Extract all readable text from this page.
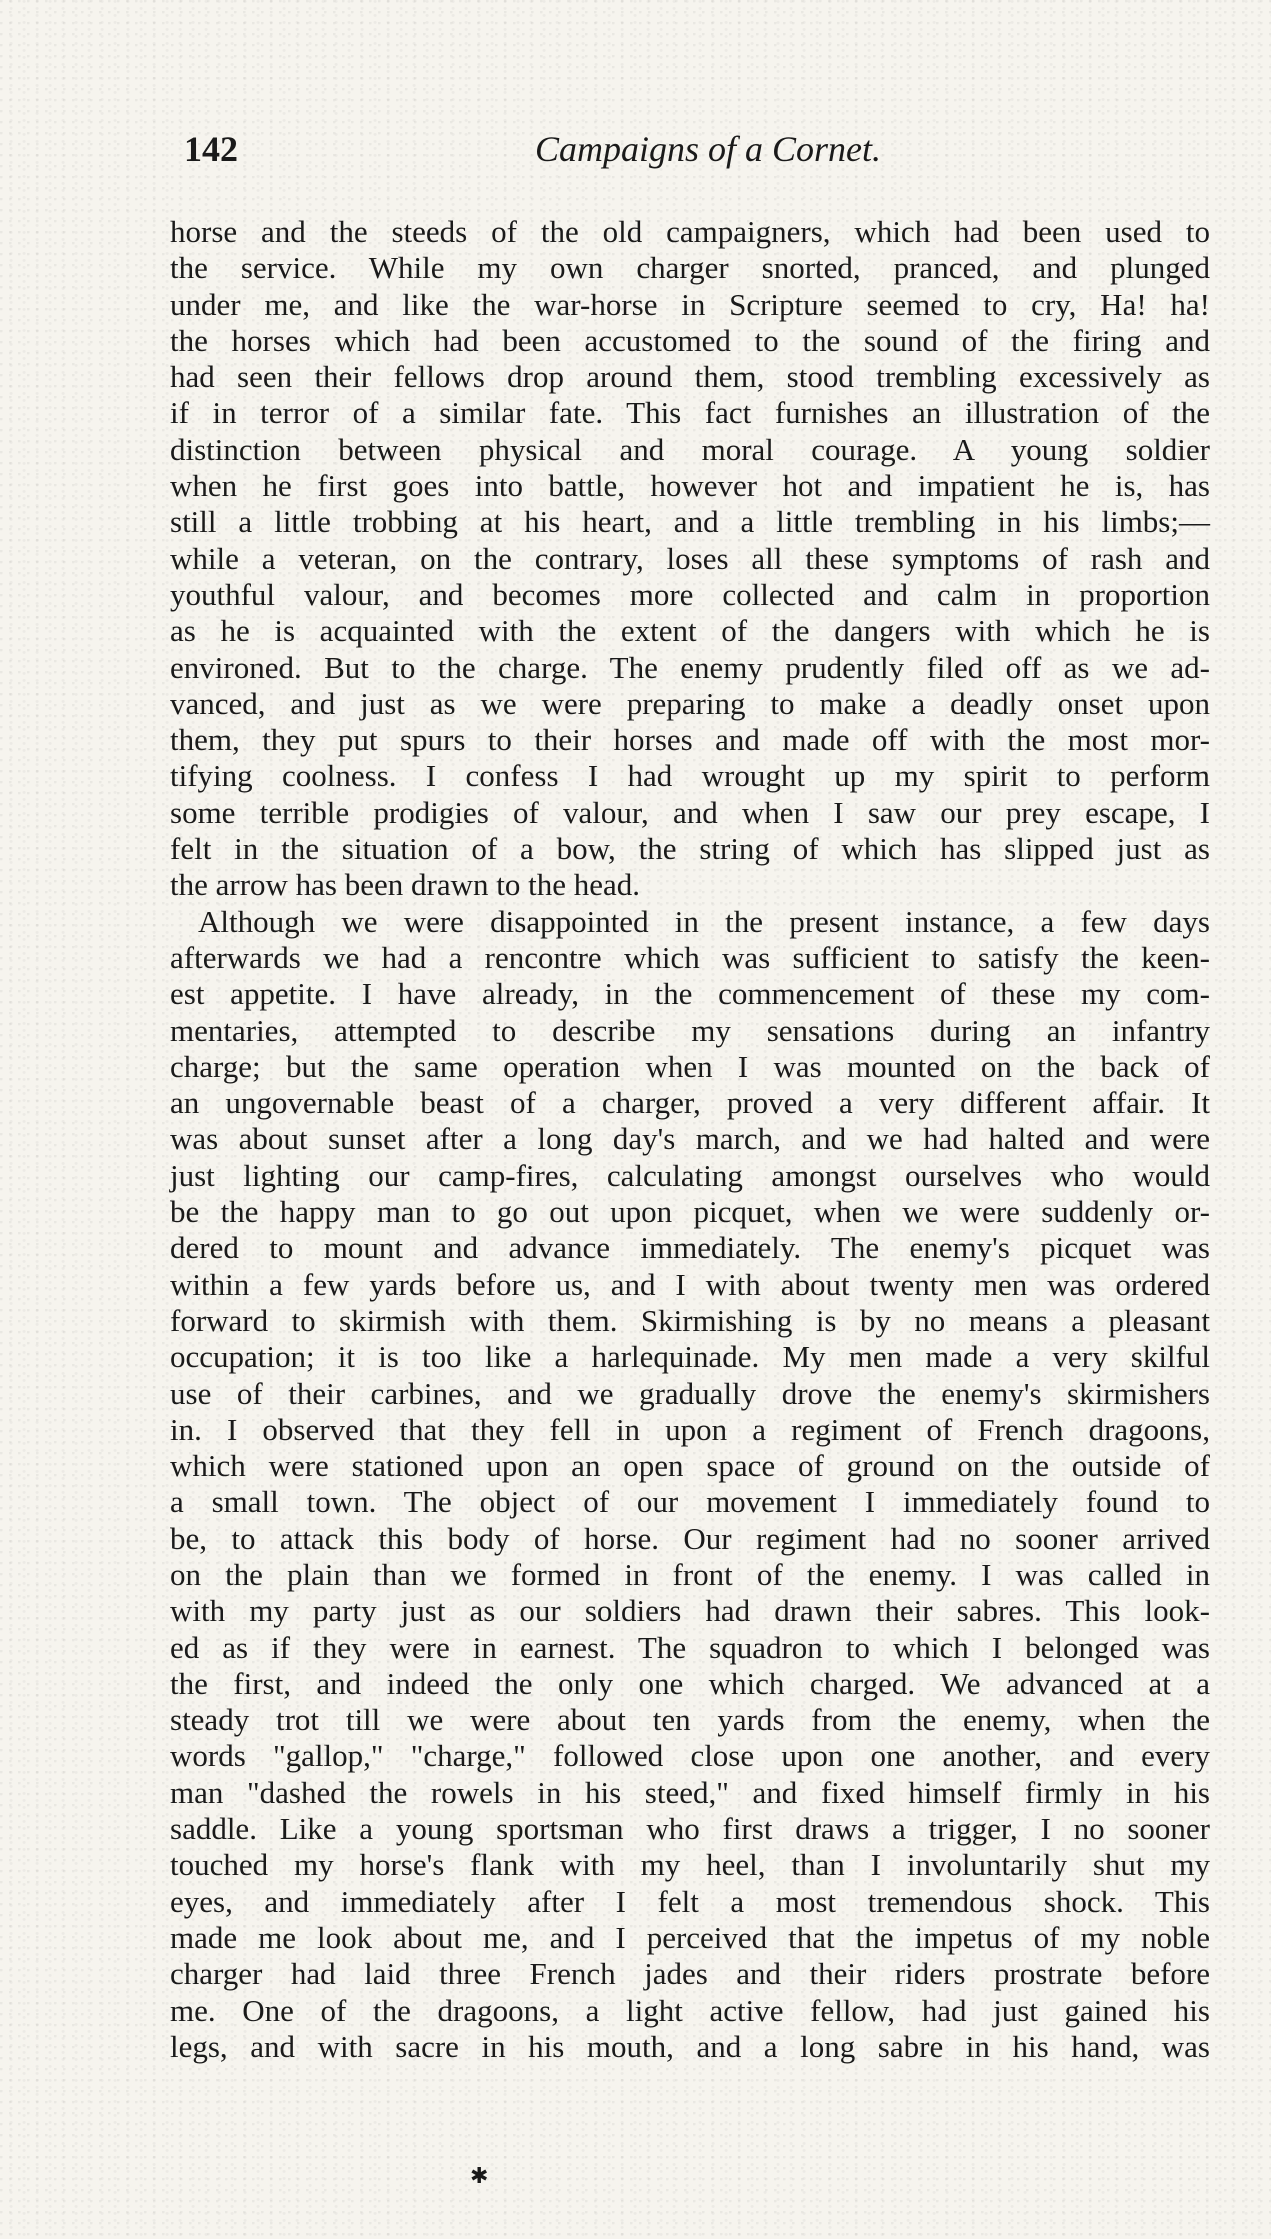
142	Campaigns of a Cornet.
horse and the steeds of the old campaigners, which had been used to
the service. While my own charger snorted, pranced, and plunged
under me, and like the war-horse in Scripture seemed to cry, Ha! ha!
the horses which had been accustomed to the sound of the firing and
had seen their fellows drop around them, stood trembling excessively as
if in terror of a similar fate. This fact furnishes an illustration of the
distinction between physical and moral courage. A young soldier
when he first goes into battle, however hot and impatient he is, has
still a little trobbing at his heart, and a little trembling in his limbs;—
while a veteran, on the contrary, loses all these symptoms of rash and
youthful valour, and becomes more collected and calm in proportion
as he is acquainted with the extent of the dangers with which he is
environed. But to the charge. The enemy prudently filed off as we ad-
vanced, and just as we were preparing to make a deadly onset upon
them, they put spurs to their horses and made off with the most mor-
tifying coolness. I confess I had wrought up my spirit to perform
some terrible prodigies of valour, and when I saw our prey escape, I
felt in the situation of a bow, the string of which has slipped just as
the arrow has been drawn to the head.
Although we were disappointed in the present instance, a few days
afterwards we had a rencontre which was sufficient to satisfy the keen-
est appetite. I have already, in the commencement of these my com-
mentaries, attempted to describe my sensations during an infantry
charge; but the same operation when I was mounted on the back of
an ungovernable beast of a charger, proved a very different affair. It
was about sunset after a long day's march, and we had halted and were
just lighting our camp-fires, calculating amongst ourselves who would
be the happy man to go out upon picquet, when we were suddenly or-
dered to mount and advance immediately. The enemy's picquet was
within a few yards before us, and I with about twenty men was ordered
forward to skirmish with them. Skirmishing is by no means a pleasant
occupation; it is too like a harlequinade. My men made a very skilful
use of their carbines, and we gradually drove the enemy's skirmishers
in. I observed that they fell in upon a regiment of French dragoons,
which were stationed upon an open space of ground on the outside of
a small town. The object of our movement I immediately found to
be, to attack this body of horse. Our regiment had no sooner arrived
on the plain than we formed in front of the enemy. I was called in
with my party just as our soldiers had drawn their sabres. This look-
ed as if they were in earnest. The squadron to which I belonged was
the first, and indeed the only one which charged. We advanced at a
steady trot till we were about ten yards from the enemy, when the
words "gallop," "charge," followed close upon one another, and every
man "dashed the rowels in his steed," and fixed himself firmly in his
saddle. Like a young sportsman who first draws a trigger, I no sooner
touched my horse's flank with my heel, than I involuntarily shut my
eyes, and immediately after I felt a most tremendous shock. This
made me look about me, and I perceived that the impetus of my noble
charger had laid three French jades and their riders prostrate before
me. One of the dragoons, a light active fellow, had just gained his
legs, and with sacre in his mouth, and a long sabre in his hand, was
✱
